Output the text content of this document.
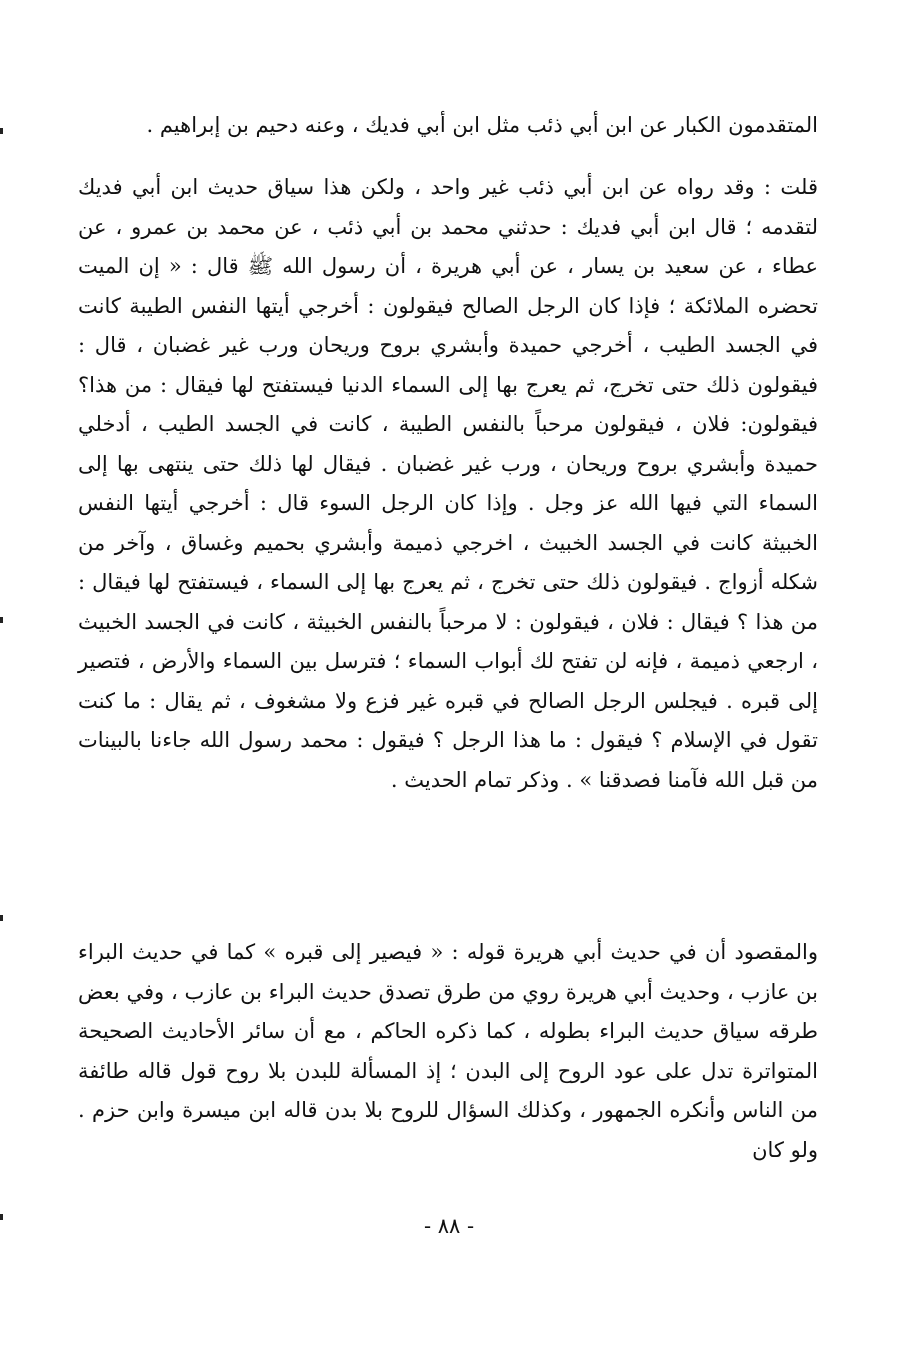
المتقدمون الكبار عن ابن أبي ذئب مثل ابن أبي فديك ، وعنه دحيم بن إبراهيم .

قلت : وقد رواه عن ابن أبي ذئب غير واحد ، ولكن هذا سياق حديث ابن أبي فديك لتقدمه ؛ قال ابن أبي فديك : حدثني محمد بن أبي ذئب ، عن محمد بن عمرو ، عن عطاء ، عن سعيد بن يسار ، عن أبي هريرة ، أن رسول الله ﷺ قال : « إن الميت تحضره الملائكة ؛ فإذا كان الرجل الصالح فيقولون : أخرجي أيتها النفس الطيبة كانت في الجسد الطيب ، أخرجي حميدة وأبشري بروح وريحان ورب غير غضبان ، قال : فيقولون ذلك حتى تخرج، ثم يعرج بها إلى السماء الدنيا فيستفتح لها فيقال : من هذا؟ فيقولون: فلان ، فيقولون مرحباً بالنفس الطيبة ، كانت في الجسد الطيب ، أدخلي حميدة وأبشري بروح وريحان ، ورب غير غضبان . فيقال لها ذلك حتى ينتهى بها إلى السماء التي فيها الله عز وجل . وإذا كان الرجل السوء قال : أخرجي أيتها النفس الخبيثة كانت في الجسد الخبيث ، اخرجي ذميمة وأبشري بحميم وغساق ، وآخر من شكله أزواج . فيقولون ذلك حتى تخرج ، ثم يعرج بها إلى السماء ، فيستفتح لها فيقال : من هذا ؟ فيقال : فلان ، فيقولون : لا مرحباً بالنفس الخبيثة ، كانت في الجسد الخبيث ، ارجعي ذميمة ، فإنه لن تفتح لك أبواب السماء ؛ فترسل بين السماء والأرض ، فتصير إلى قبره . فيجلس الرجل الصالح في قبره غير فزع ولا مشغوف ، ثم يقال : ما كنت تقول في الإسلام ؟ فيقول : ما هذا الرجل ؟ فيقول : محمد رسول الله جاءنا بالبينات من قبل الله فآمنا فصدقنا » . وذكر تمام الحديث .

والمقصود أن في حديث أبي هريرة قوله : « فيصير إلى قبره » كما في حديث البراء بن عازب ، وحديث أبي هريرة روي من طرق تصدق حديث البراء بن عازب ، وفي بعض طرقه سياق حديث البراء بطوله ، كما ذكره الحاكم ، مع أن سائر الأحاديث الصحيحة المتواترة تدل على عود الروح إلى البدن ؛ إذ المسألة للبدن بلا روح قول قاله طائفة من الناس وأنكره الجمهور ، وكذلك السؤال للروح بلا بدن قاله ابن ميسرة وابن حزم . ولو كان

- ٨٨ -
